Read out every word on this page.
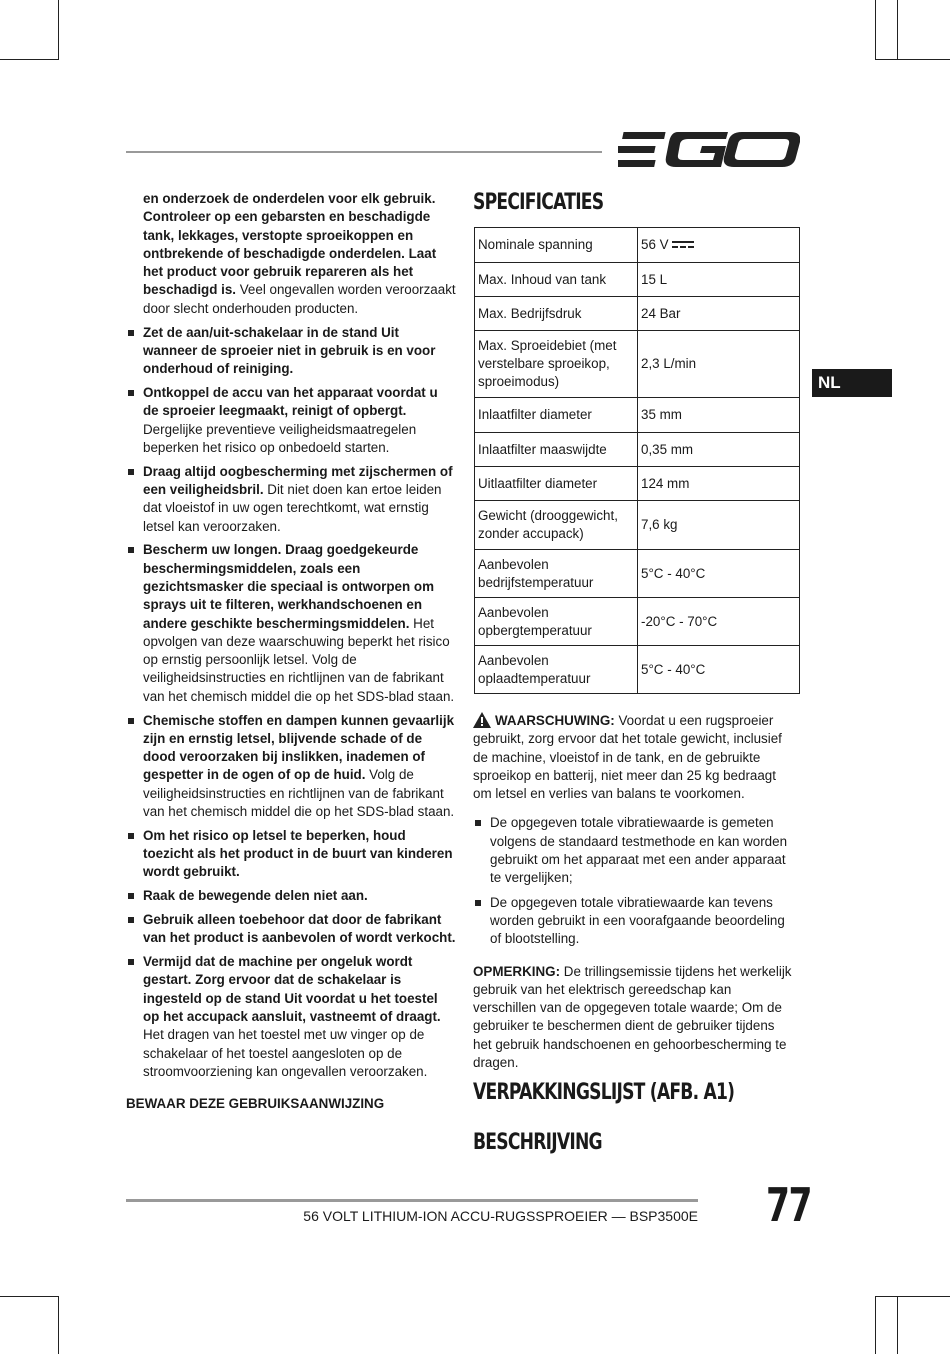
en onderzoek de onderdelen voor elk gebruik. Controleer op een gebarsten en beschadigde tank, lekkages, verstopte sproeikoppen en ontbrekende of beschadigde onderdelen. Laat het product voor gebruik repareren als het beschadigd is. Veel ongevallen worden veroorzaakt door slecht onderhouden producten.

Zet de aan/uit-schakelaar in de stand Uit wanneer de sproeier niet in gebruik is en voor onderhoud of reiniging.
Ontkoppel de accu van het apparaat voordat u de sproeier leegmaakt, reinigt of opbergt. Dergelijke preventieve veiligheidsmaatregelen beperken het risico op onbedoeld starten.
Draag altijd oogbescherming met zijschermen of een veiligheidsbril. Dit niet doen kan ertoe leiden dat vloeistof in uw ogen terechtkomt, wat ernstig letsel kan veroorzaken.
Bescherm uw longen. Draag goedgekeurde beschermingsmiddelen, zoals een gezichtsmasker die speciaal is ontworpen om sprays uit te filteren, werkhandschoenen en andere geschikte beschermingsmiddelen. Het opvolgen van deze waarschuwing beperkt het risico op ernstig persoonlijk letsel. Volg de veiligheidsinstructies en richtlijnen van de fabrikant van het chemisch middel die op het SDS-blad staan.
Chemische stoffen en dampen kunnen gevaarlijk zijn en ernstig letsel, blijvende schade of de dood veroorzaken bij inslikken, inademen of gespetter in de ogen of op de huid. Volg de veiligheidsinstructies en richtlijnen van de fabrikant van het chemisch middel die op het SDS-blad staan.
Om het risico op letsel te beperken, houd toezicht als het product in de buurt van kinderen wordt gebruikt.
Raak de bewegende delen niet aan.
Gebruik alleen toebehoor dat door de fabrikant van het product is aanbevolen of wordt verkocht.
Vermijd dat de machine per ongeluk wordt gestart. Zorg ervoor dat de schakelaar is ingesteld op de stand Uit voordat u het toestel op het accupack aansluit, vastneemt of draagt. Het dragen van het toestel met uw vinger op de schakelaar of het toestel aangesloten op de stroomvoorziening kan ongevallen veroorzaken.

BEWAAR DEZE GEBRUIKSAANWIJZING

SPECIFICATIES
Nominale spanning	56 V
Max. Inhoud van tank	15 L
Max. Bedrijfsdruk	24 Bar
Max. Sproeidebiet (met verstelbare sproeikop, sproeimodus)	2,3 L/min
Inlaatfilter diameter	35 mm
Inlaatfilter maaswijdte	0,35 mm
Uitlaatfilter diameter	124 mm
Gewicht (drooggewicht, zonder accupack)	7,6 kg
Aanbevolen bedrijfstemperatuur	5°C - 40°C
Aanbevolen opbergtemperatuur	-20°C - 70°C
Aanbevolen oplaadtemperatuur	5°C - 40°C
NL

WAARSCHUWING: Voordat u een rugsproeier gebruikt, zorg ervoor dat het totale gewicht, inclusief de machine, vloeistof in de tank, en de gebruikte sproeikop en batterij, niet meer dan 25 kg bedraagt om letsel en verlies van balans te voorkomen.

De opgegeven totale vibratiewaarde is gemeten volgens de standaard testmethode en kan worden gebruikt om het apparaat met een ander apparaat te vergelijken;
De opgegeven totale vibratiewaarde kan tevens worden gebruikt in een voorafgaande beoordeling of blootstelling.

OPMERKING: De trillingsemissie tijdens het werkelijk gebruik van het elektrisch gereedschap kan verschillen van de opgegeven totale waarde; Om de gebruiker te beschermen dient de gebruiker tijdens het gebruik handschoenen en gehoorbescherming te dragen.

VERPAKKINGSLIJST (AFB. A1)
BESCHRIJVING
56 VOLT LITHIUM-ION ACCU-RUGSSPROEIER — BSP3500E 77
